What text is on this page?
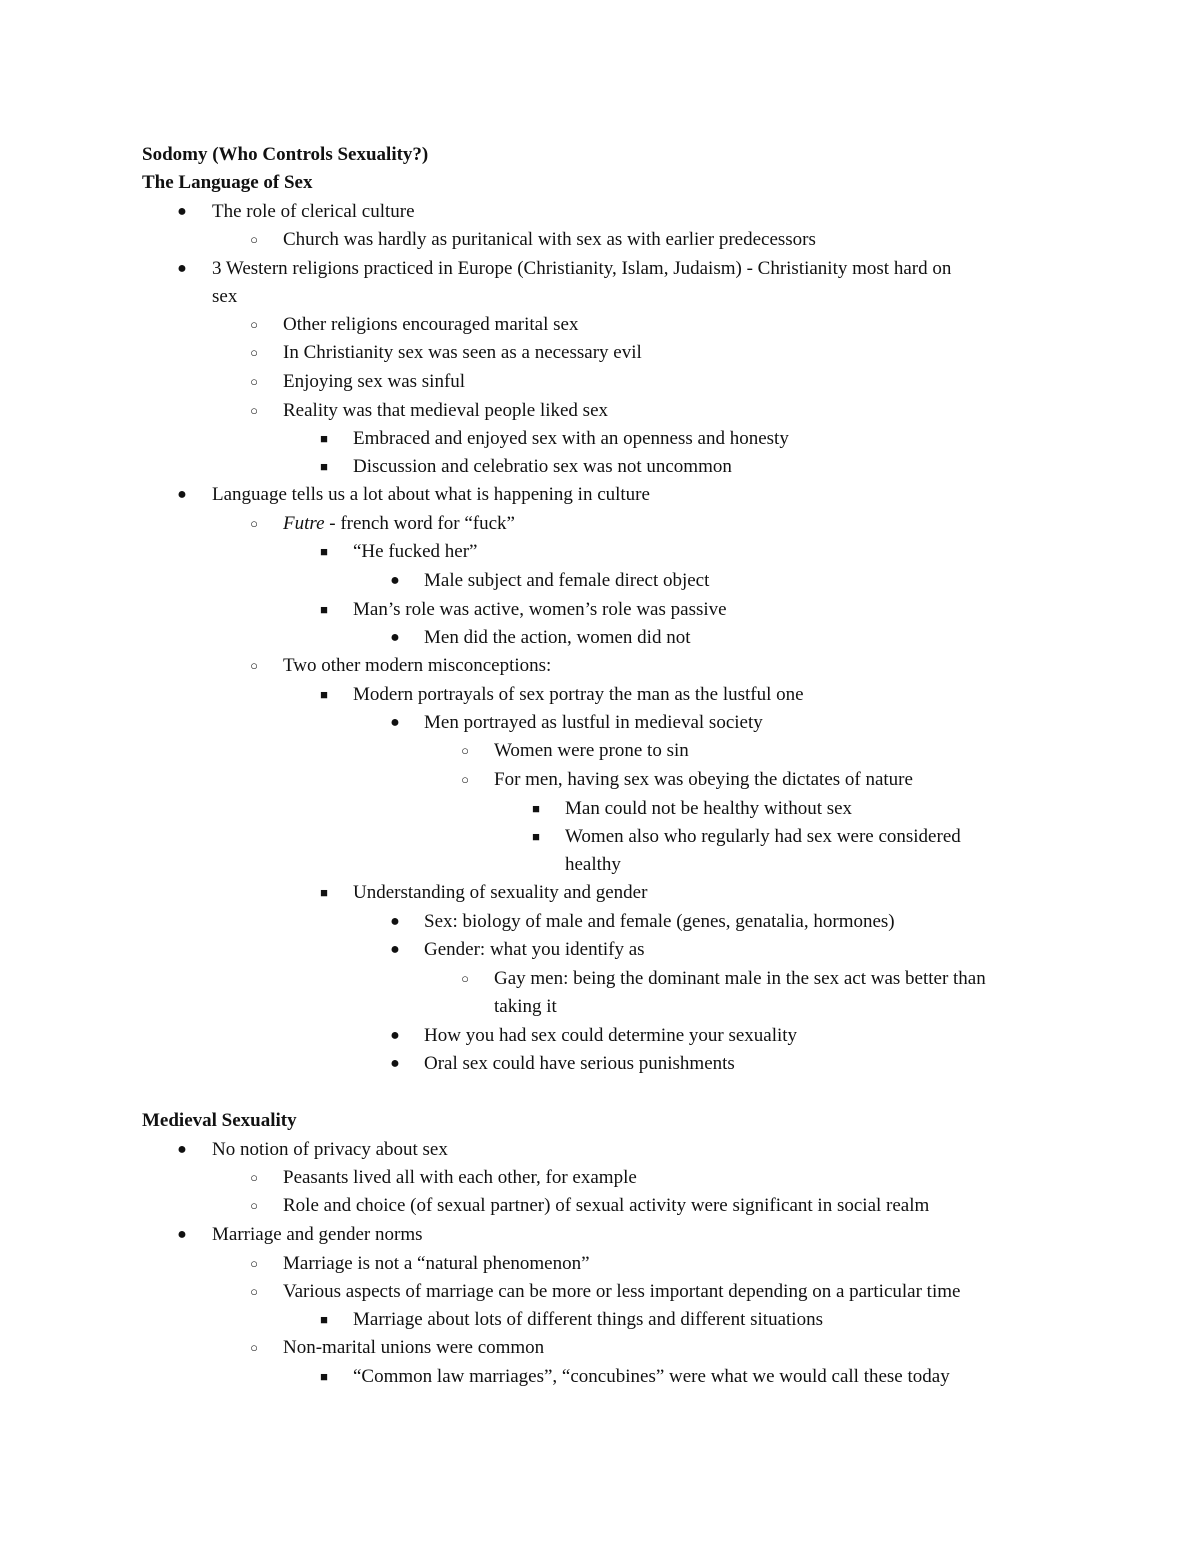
Sodomy (Who Controls Sexuality?)
The Language of Sex
● The role of clerical culture
○	Church was hardly as puritanical with sex as with earlier predecessors
● 3 Western religions practiced in Europe (Christianity, Islam, Judaism) - Christianity most hard on
sex
○	Other religions encouraged marital sex
○	In Christianity sex was seen as a necessary evil
○	Enjoying sex was sinful
○	Reality was that medieval people liked sex
■	Embraced and enjoyed sex with an openness and honesty
■	Discussion and celebratio sex was not uncommon
● Language tells us a lot about what is happening in culture
○	Futre - french word for “fuck”
■	“He fucked her”
● Male subject and female direct object
■	Man’s role was active, women’s role was passive
● Men did the action, women did not
○	Two other modern misconceptions:
■	Modern portrayals of sex portray the man as the lustful one
● Men portrayed as lustful in medieval society
○	Women were prone to sin
○	For men, having sex was obeying the dictates of nature
■	Man could not be healthy without sex
■	Women also who regularly had sex were considered
healthy
■	Understanding of sexuality and gender
● Sex: biology of male and female (genes, genatalia, hormones)
● Gender: what you identify as
○	Gay men: being the dominant male in the sex act was better than
taking it
● How you had sex could determine your sexuality
● Oral sex could have serious punishments
Medieval Sexuality
● No notion of privacy about sex
○	Peasants lived all with each other, for example
○	Role and choice (of sexual partner) of sexual activity were significant in social realm
● Marriage and gender norms
○	Marriage is not a “natural phenomenon”
○	Various aspects of marriage can be more or less important depending on a particular time
■	Marriage about lots of different things and different situations
○	Non-marital unions were common
■	“Common law marriages”, “concubines” were what we would call these today
